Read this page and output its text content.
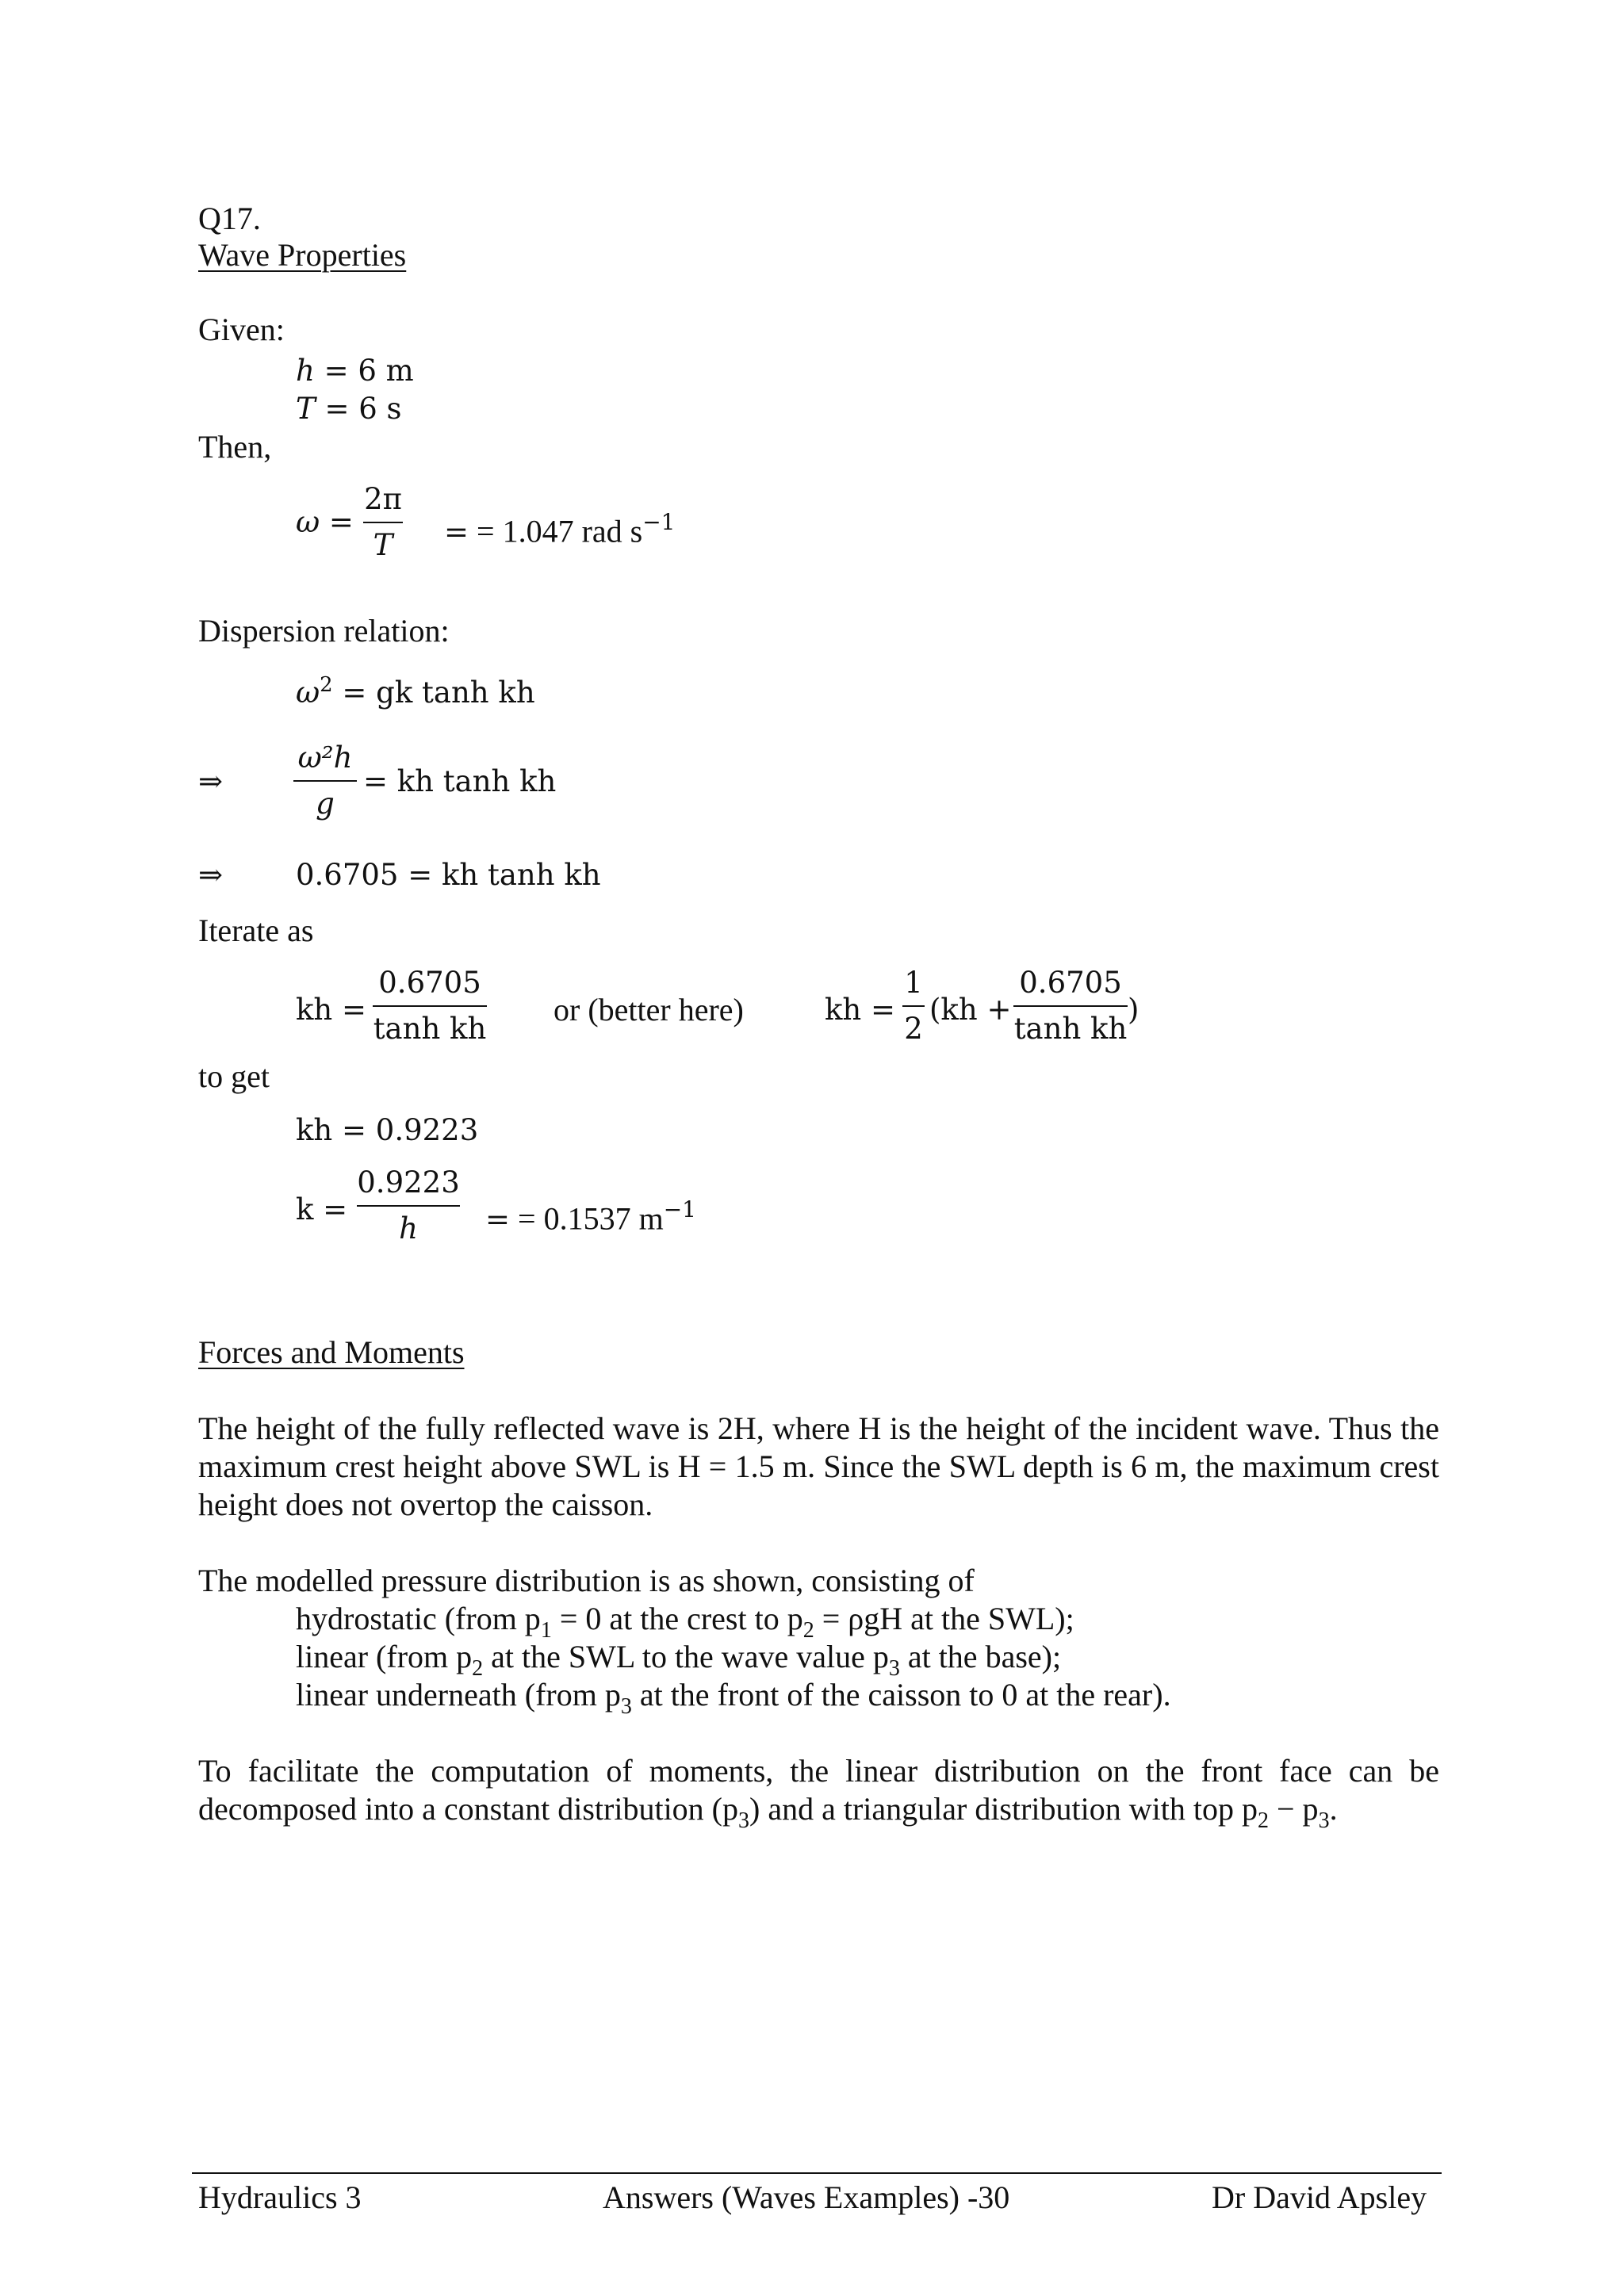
Q17.
Wave Properties
Given:
h = 6 m
T = 6 s
Then,
ω =
2π
T	= = 1.047 rad $s^{-1}$
Dispersion relation:
$\omega^2$ = gk tanh kh
⇒
ω²h
g
= kh tanh kh
⇒ 0.6705 = kh tanh kh
Iterate as
kh =
0.6705
tanh kh
or (better here)	kh =
1
2
(kh +
0.6705
tanh kh
)
to get
kh = 0.9223
k =
0.9223
h	= = 0.1537 $m^{-1}$
Forces and Moments
The height of the fully reflected wave is 2H, where H is the height of the incident wave. Thus the maximum crest height above SWL is H = 1.5 m. Since the SWL depth is 6 m, the maximum crest height does not overtop the caisson.
The modelled pressure distribution is as shown, consisting of
hydrostatic (from $p_1 = 0$ at the crest to $p_2 = \rho gH$ at the SWL);
linear (from $p_2$ at the SWL to the wave value $p_3$ at the base);
linear underneath (from $p_3$ at the front of the caisson to 0 at the rear).
To facilitate the computation of moments, the linear distribution on the front face can be decomposed into a constant distribution $(p_3)$ and a triangular distribution with top $p_2 - p_3$.
Hydraulics 3	Answers (Waves Examples) -30	Dr David Apsley
